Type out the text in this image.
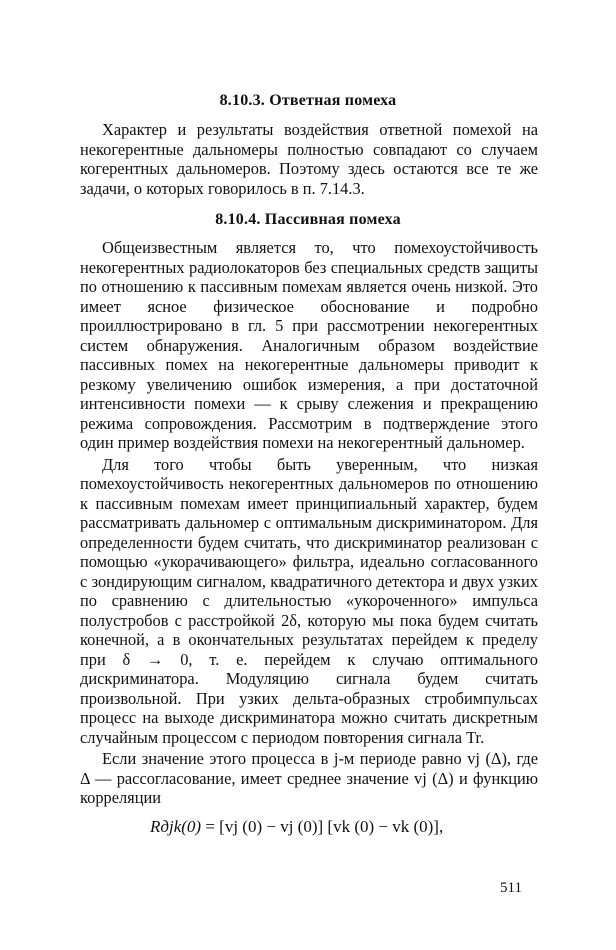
8.10.3. Ответная помеха

Характер и результаты воздействия ответной помехой на некогерентные дальномеры полностью совпадают со случаем когерентных дальномеров. Поэтому здесь остаются все те же задачи, о которых говорилось в п. 7.14.3.

8.10.4. Пассивная помеха

Общеизвестным является то, что помехоустойчивость некогерентных радиолокаторов без специальных средств защиты по отношению к пассивным помехам является очень низкой. Это имеет ясное физическое обоснование и подробно проиллюстрировано в гл. 5 при рассмотрении некогерентных систем обнаружения. Аналогичным образом воздействие пассивных помех на некогерентные дальномеры приводит к резкому увеличению ошибок измерения, а при достаточной интенсивности помехи — к срыву слежения и прекращению режима сопровождения. Рассмотрим в подтверждение этого один пример воздействия помехи на некогерентный дальномер.

Для того чтобы быть уверенным, что низкая помехоустойчивость некогерентных дальномеров по отношению к пассивным помехам имеет принципиальный характер, будем рассматривать дальномер с оптимальным дискриминатором. Для определенности будем считать, что дискриминатор реализован с помощью «укорачивающего» фильтра, идеально согласованного с зондирующим сигналом, квадратичного детектора и двух узких по сравнению с длительностью «укороченного» импульса полустробов с расстройкой 2δ, которую мы пока будем считать конечной, а в окончательных результатах перейдем к пределу при δ → 0, т. е. перейдем к случаю оптимального дискриминатора. Модуляцию сигнала будем считать произвольной. При узких дельта-образных стробимпульсах процесс на выходе дискриминатора можно считать дискретным случайным процессом с периодом повторения сигнала Tr.

Если значение этого процесса в j-м периоде равно vj (Δ), где Δ — рассогласование, имеет среднее значение vj (Δ) и функцию корреляции

Rдjk(0) = [vj (0) − vj (0)] [vk (0) − vk (0)],
511
